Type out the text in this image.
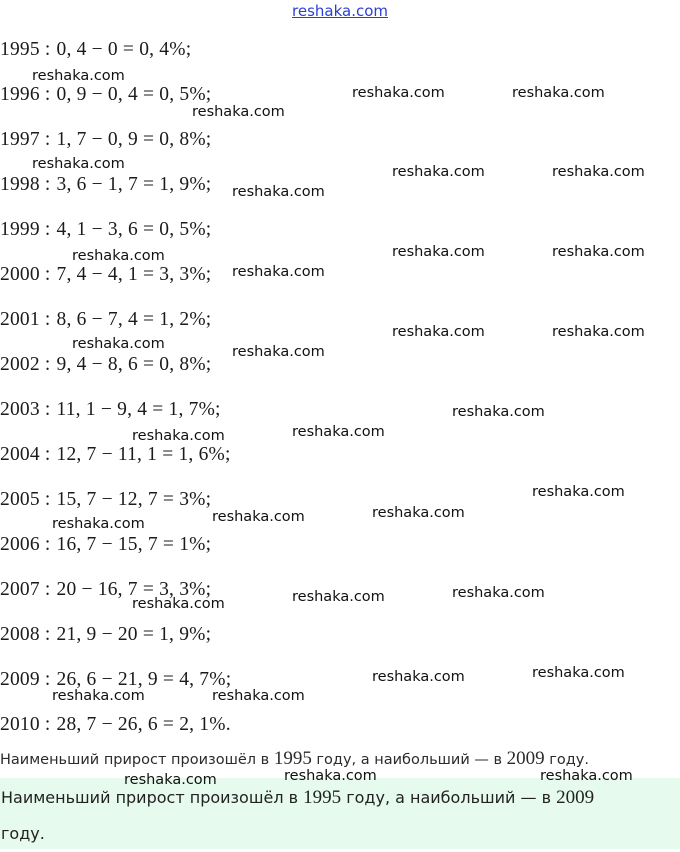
reshaka.com
1995 : 0, 4 − 0 = 0, 4%;
1996 : 0, 9 − 0, 4 = 0, 5%;
1997 : 1, 7 − 0, 9 = 0, 8%;
1998 : 3, 6 − 1, 7 = 1, 9%;
1999 : 4, 1 − 3, 6 = 0, 5%;
2000 : 7, 4 − 4, 1 = 3, 3%;
2001 : 8, 6 − 7, 4 = 1, 2%;
2002 : 9, 4 − 8, 6 = 0, 8%;
2003 : 11, 1 − 9, 4 = 1, 7%;
2004 : 12, 7 − 11, 1 = 1, 6%;
2005 : 15, 7 − 12, 7 = 3%;
2006 : 16, 7 − 15, 7 = 1%;
2007 : 20 − 16, 7 = 3, 3%;
2008 : 21, 9 − 20 = 1, 9%;
2009 : 26, 6 − 21, 9 = 4, 7%;
2010 : 28, 7 − 26, 6 = 2, 1%.
Наименьший прирост произошёл в 1995 году, а наибольший — в 2009 году.
Наименьший прирост произошёл в 1995 году, а наибольший — в 2009
году.
reshaka.com
reshaka.com	reshaka.com
reshaka.com
reshaka.com	reshaka.com	reshaka.com
reshaka.com
reshaka.com	reshaka.com	reshaka.com
reshaka.com
reshaka.com	reshaka.com
reshaka.com	reshaka.com
reshaka.com
reshaka.com	reshaka.com
reshaka.com
reshaka.com	reshaka.com	reshaka.com
reshaka.com	reshaka.com	reshaka.com
reshaka.com	reshaka.com
reshaka.com	reshaka.com
reshaka.com	reshaka.com	reshaka.com
